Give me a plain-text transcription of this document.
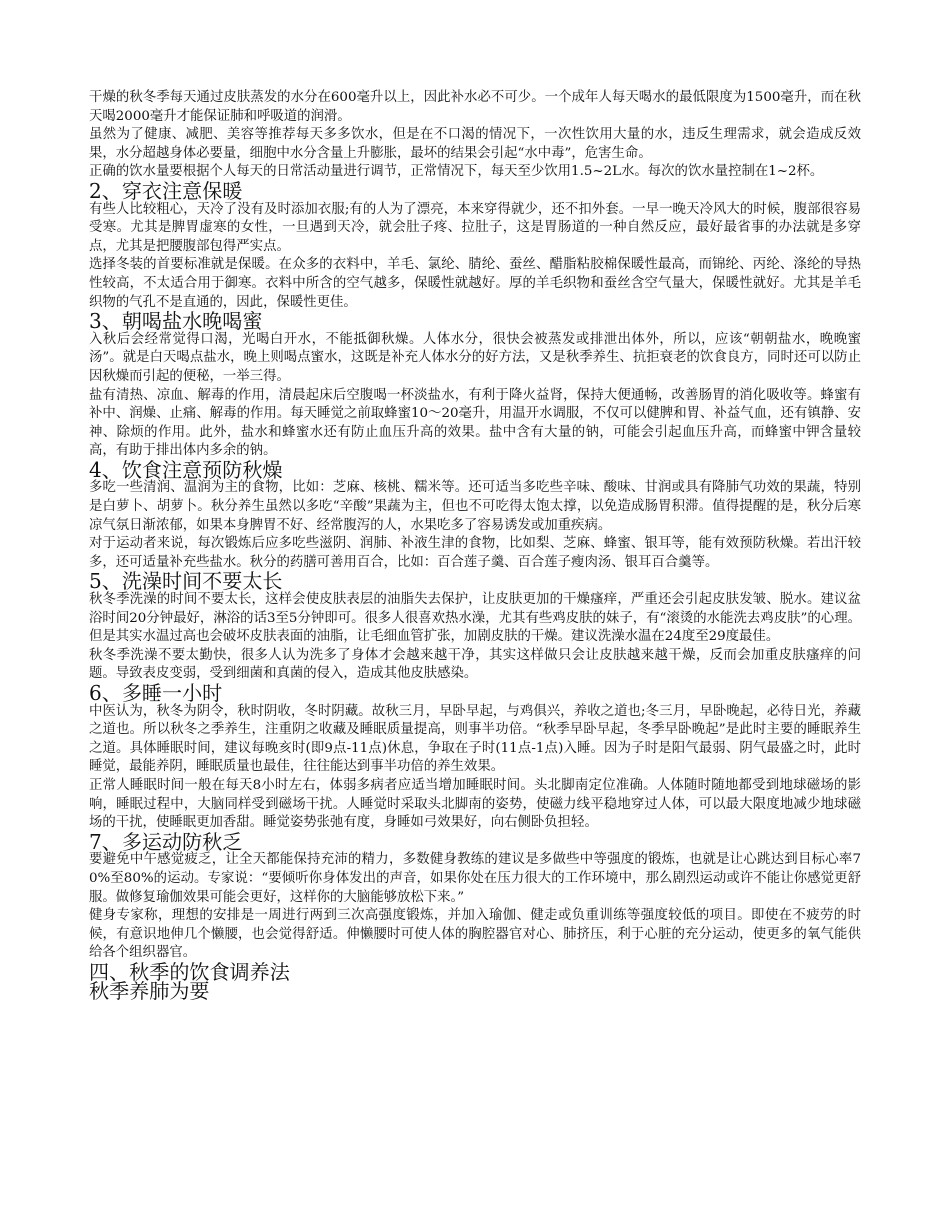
干燥的秋冬季每天通过皮肤蒸发的水分在600毫升以上，因此补水必不可少。一个成年人每天喝水的最低限度为1500毫升，而在秋天喝2000毫升才能保证肺和呼吸道的润滑。

虽然为了健康、减肥、美容等推荐每天多多饮水，但是在不口渴的情况下，一次性饮用大量的水，违反生理需求，就会造成反效果，水分超越身体必要量，细胞中水分含量上升膨胀，最坏的结果会引起“水中毒”，危害生命。

正确的饮水量要根据个人每天的日常活动量进行调节，正常情况下，每天至少饮用1.5~2L水。每次的饮水量控制在1~2杯。

2、穿衣注意保暖

有些人比较粗心，天冷了没有及时添加衣服;有的人为了漂亮，本来穿得就少，还不扣外套。一早一晚天冷风大的时候，腹部很容易受寒。尤其是脾胃虚寒的女性，一旦遇到天冷，就会肚子疼、拉肚子，这是胃肠道的一种自然反应，最好最省事的办法就是多穿点，尤其是把腰腹部包得严实点。

选择冬装的首要标准就是保暖。在众多的衣料中，羊毛、氯纶、腈纶、蚕丝、醋脂粘胶棉保暖性最高，而锦纶、丙纶、涤纶的导热性较高，不太适合用于御寒。衣料中所含的空气越多，保暖性就越好。厚的羊毛织物和蚕丝含空气量大，保暖性就好。尤其是羊毛织物的气孔不是直通的，因此，保暖性更佳。

3、朝喝盐水晚喝蜜

入秋后会经常觉得口渴，光喝白开水，不能抵御秋燥。人体水分，很快会被蒸发或排泄出体外，所以，应该“朝朝盐水，晚晚蜜汤”。就是白天喝点盐水，晚上则喝点蜜水，这既是补充人体水分的好方法，又是秋季养生、抗拒衰老的饮食良方，同时还可以防止因秋燥而引起的便秘，一举三得。

盐有清热、凉血、解毒的作用，清晨起床后空腹喝一杯淡盐水，有利于降火益肾，保持大便通畅，改善肠胃的消化吸收等。蜂蜜有补中、润燥、止痛、解毒的作用。每天睡觉之前取蜂蜜10～20毫升，用温开水调服，不仅可以健脾和胃、补益气血，还有镇静、安神、除烦的作用。此外，盐水和蜂蜜水还有防止血压升高的效果。盐中含有大量的钠，可能会引起血压升高，而蜂蜜中钾含量较高，有助于排出体内多余的钠。

4、饮食注意预防秋燥

多吃一些清润、温润为主的食物，比如：芝麻、核桃、糯米等。还可适当多吃些辛味、酸味、甘润或具有降肺气功效的果蔬，特别是白萝卜、胡萝卜。秋分养生虽然以多吃“辛酸”果蔬为主，但也不可吃得太饱太撑，以免造成肠胃积滞。值得提醒的是，秋分后寒凉气氛日渐浓郁，如果本身脾胃不好、经常腹泻的人，水果吃多了容易诱发或加重疾病。

对于运动者来说，每次锻炼后应多吃些滋阴、润肺、补液生津的食物，比如梨、芝麻、蜂蜜、银耳等，能有效预防秋燥。若出汗较多，还可适量补充些盐水。秋分的药膳可善用百合，比如：百合莲子羹、百合莲子瘦肉汤、银耳百合羹等。

5、洗澡时间不要太长

秋冬季洗澡的时间不要太长，这样会使皮肤表层的油脂失去保护，让皮肤更加的干燥瘙痒，严重还会引起皮肤发皱、脱水。建议盆浴时间20分钟最好，淋浴的话3至5分钟即可。很多人很喜欢热水澡，尤其有些鸡皮肤的妹子，有“滚烫的水能洗去鸡皮肤”的心理。但是其实水温过高也会破坏皮肤表面的油脂，让毛细血管扩张，加剧皮肤的干燥。建议洗澡水温在24度至29度最佳。

秋冬季洗澡不要太勤快，很多人认为洗多了身体才会越来越干净，其实这样做只会让皮肤越来越干燥，反而会加重皮肤瘙痒的问题。导致表皮变弱，受到细菌和真菌的侵入，造成其他皮肤感染。

6、多睡一小时

中医认为，秋冬为阴令，秋时阴收，冬时阴藏。故秋三月，早卧早起，与鸡俱兴，养收之道也;冬三月，早卧晚起，必待日光，养藏之道也。所以秋冬之季养生，注重阴之收藏及睡眠质量提高，则事半功倍。“秋季早卧早起，冬季早卧晚起”是此时主要的睡眠养生之道。具体睡眠时间，建议每晚亥时(即9点-11点)休息，争取在子时(11点-1点)入睡。因为子时是阳气最弱、阴气最盛之时，此时睡觉，最能养阴，睡眠质量也最佳，往往能达到事半功倍的养生效果。

正常人睡眠时间一般在每天8小时左右，体弱多病者应适当增加睡眠时间。头北脚南定位准确。人体随时随地都受到地球磁场的影响，睡眠过程中，大脑同样受到磁场干扰。人睡觉时采取头北脚南的姿势，使磁力线平稳地穿过人体，可以最大限度地减少地球磁场的干扰，使睡眠更加香甜。睡觉姿势张弛有度，身睡如弓效果好，向右侧卧负担轻。

7、多运动防秋乏

要避免中午感觉疲乏，让全天都能保持充沛的精力，多数健身教练的建议是多做些中等强度的锻炼，也就是让心跳达到目标心率70%至80%的运动。专家说：“要倾听你身体发出的声音，如果你处在压力很大的工作环境中，那么剧烈运动或许不能让你感觉更舒服。做修复瑜伽效果可能会更好，这样你的大脑能够放松下来。”

健身专家称，理想的安排是一周进行两到三次高强度锻炼，并加入瑜伽、健走或负重训练等强度较低的项目。即使在不疲劳的时候，有意识地伸几个懒腰，也会觉得舒适。伸懒腰时可使人体的胸腔器官对心、肺挤压，利于心脏的充分运动，使更多的氧气能供给各个组织器官。

四、秋季的饮食调养法
秋季养肺为要
